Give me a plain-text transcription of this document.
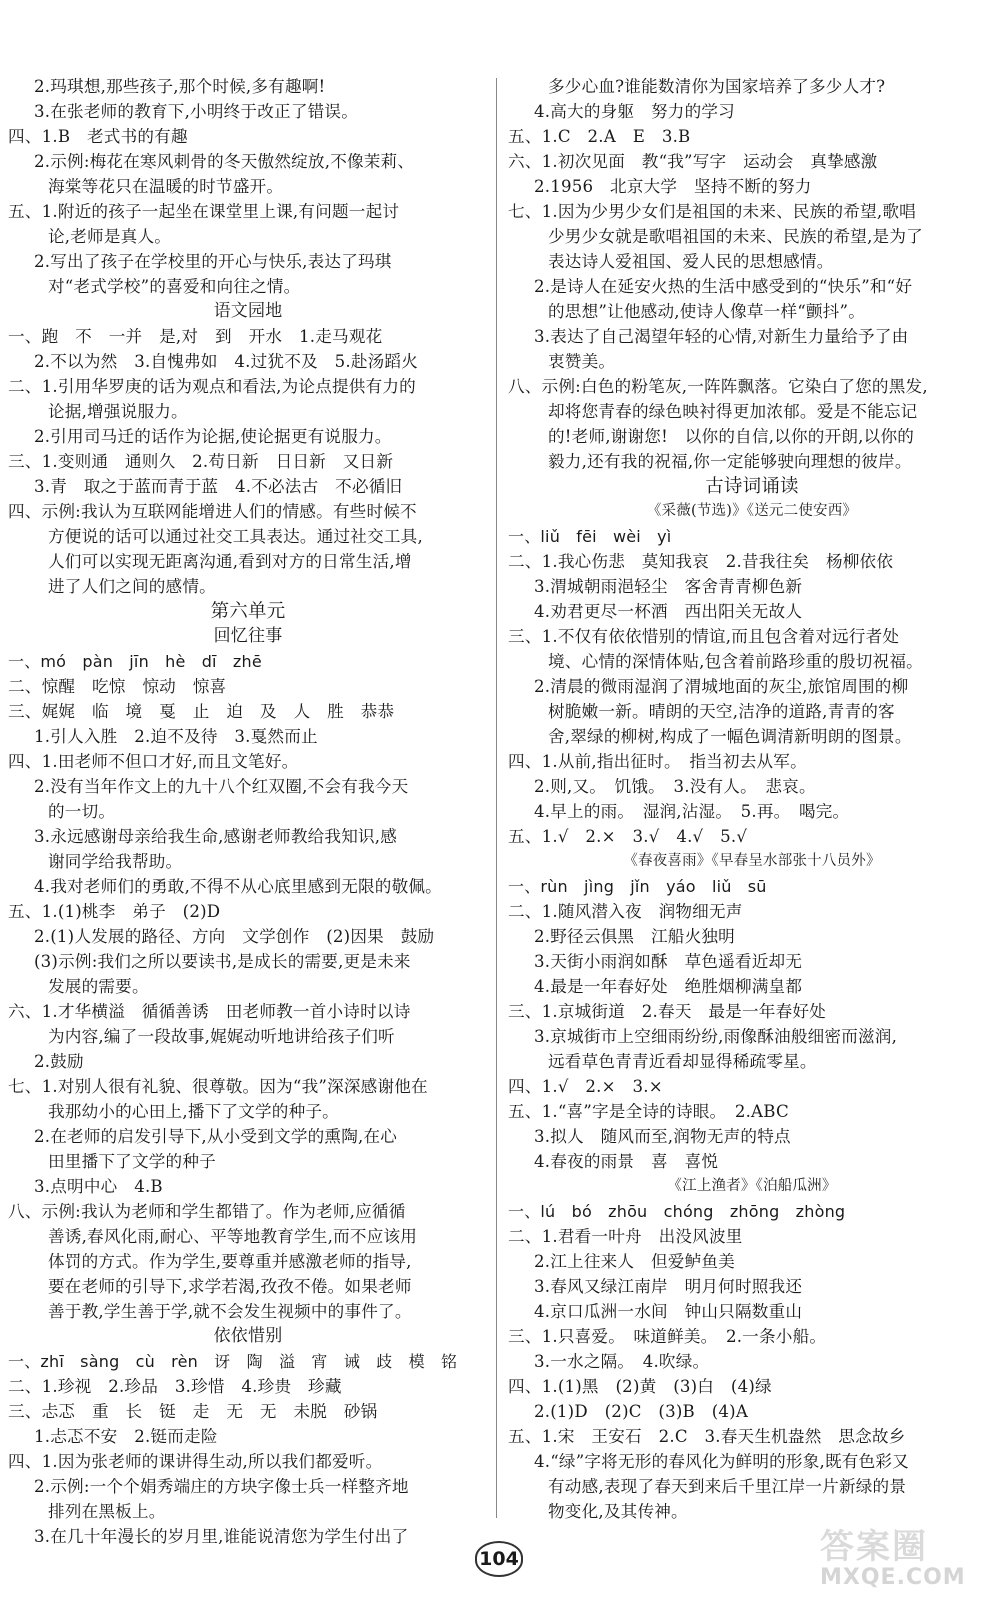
2.玛琪想,那些孩子,那个时候,多有趣啊!
3.在张老师的教育下,小明终于改正了错误。
四、1.B　老式书的有趣
2.示例:梅花在寒风刺骨的冬天傲然绽放,不像茉莉、
海棠等花只在温暖的时节盛开。
五、1.附近的孩子一起坐在课堂里上课,有问题一起讨
论,老师是真人。
2.写出了孩子在学校里的开心与快乐,表达了玛琪
对“老式学校”的喜爱和向往之情。
语文园地
一、跑　不　一并　是,对　到　开水　1.走马观花
2.不以为然　3.自愧弗如　4.过犹不及　5.赴汤蹈火
二、1.引用华罗庚的话为观点和看法,为论点提供有力的
论据,增强说服力。
2.引用司马迁的话作为论据,使论据更有说服力。
三、1.变则通　通则久　2.苟日新　日日新　又日新
3.青　取之于蓝而青于蓝　4.不必法古　不必循旧
四、示例:我认为互联网能增进人们的情感。有些时候不
方便说的话可以通过社交工具表达。通过社交工具,
人们可以实现无距离沟通,看到对方的日常生活,增
进了人们之间的感情。
第六单元
回忆往事
一、mó　pàn　jīn　hè　dī　zhē
二、惊醒　吃惊　惊动　惊喜
三、娓娓　临　境　戛　止　迫　及　人　胜　恭恭
1.引人入胜　2.迫不及待　3.戛然而止
四、1.田老师不但口才好,而且文笔好。
2.没有当年作文上的九十八个红双圈,不会有我今天
的一切。
3.永远感谢母亲给我生命,感谢老师教给我知识,感
谢同学给我帮助。
4.我对老师们的勇敢,不得不从心底里感到无限的敬佩。
五、1.(1)桃李　弟子　(2)D
2.(1)人发展的路径、方向　文学创作　(2)因果　鼓励
(3)示例:我们之所以要读书,是成长的需要,更是未来
发展的需要。
六、1.才华横溢　循循善诱　田老师教一首小诗时以诗
为内容,编了一段故事,娓娓动听地讲给孩子们听
2.鼓励
七、1.对别人很有礼貌、很尊敬。因为“我”深深感谢他在
我那幼小的心田上,播下了文学的种子。
2.在老师的启发引导下,从小受到文学的熏陶,在心
田里播下了文学的种子
3.点明中心　4.B
八、示例:我认为老师和学生都错了。作为老师,应循循
善诱,春风化雨,耐心、平等地教育学生,而不应该用
体罚的方式。作为学生,要尊重并感激老师的指导,
要在老师的引导下,求学若渴,孜孜不倦。如果老师
善于教,学生善于学,就不会发生视频中的事件了。
依依惜别
一、zhī　sàng　cù　rèn　讶　陶　溢　宵　诫　歧　模　铭
二、1.珍视　2.珍品　3.珍惜　4.珍贵　珍藏
三、忐忑　重　长　铤　走　无　无　未脱　砂锅
1.忐忑不安　2.铤而走险
四、1.因为张老师的课讲得生动,所以我们都爱听。
2.示例:一个个娟秀端庄的方块字像士兵一样整齐地
排列在黑板上。
3.在几十年漫长的岁月里,谁能说清您为学生付出了
多少心血?谁能数清你为国家培养了多少人才?
4.高大的身躯　努力的学习
五、1.C　2.A　E　3.B
六、1.初次见面　教“我”写字　运动会　真挚感激
2.1956　北京大学　坚持不断的努力
七、1.因为少男少女们是祖国的未来、民族的希望,歌唱
少男少女就是歌唱祖国的未来、民族的希望,是为了
表达诗人爱祖国、爱人民的思想感情。
2.是诗人在延安火热的生活中感受到的“快乐”和“好
的思想”让他感动,使诗人像草一样“颤抖”。
3.表达了自己渴望年轻的心情,对新生力量给予了由
衷赞美。
八、示例:白色的粉笔灰,一阵阵飘落。它染白了您的黑发,
却将您青春的绿色映衬得更加浓郁。爱是不能忘记
的!老师,谢谢您!　以你的自信,以你的开朗,以你的
毅力,还有我的祝福,你一定能够驶向理想的彼岸。
古诗词诵读
《采薇(节选)》《送元二使安西》
一、liǔ　fēi　wèi　yì
二、1.我心伤悲　莫知我哀　2.昔我往矣　杨柳依依
3.渭城朝雨浥轻尘　客舍青青柳色新
4.劝君更尽一杯酒　西出阳关无故人
三、1.不仅有依依惜别的情谊,而且包含着对远行者处
境、心情的深情体贴,包含着前路珍重的殷切祝福。
2.清晨的微雨湿润了渭城地面的灰尘,旅馆周围的柳
树脆嫩一新。晴朗的天空,洁净的道路,青青的客
舍,翠绿的柳树,构成了一幅色调清新明朗的图景。
四、1.从前,指出征时。　指当初去从军。
2.则,又。　饥饿。　3.没有人。　悲哀。
4.早上的雨。　湿润,沾湿。　5.再。　喝完。
五、1.√　2.×　3.√　4.√　5.√
《春夜喜雨》《早春呈水部张十八员外》
一、rùn　jìng　jǐn　yáo　liǔ　sū
二、1.随风潜入夜　润物细无声
2.野径云俱黑　江船火独明
3.天街小雨润如酥　草色遥看近却无
4.最是一年春好处　绝胜烟柳满皇都
三、1.京城街道　2.春天　最是一年春好处
3.京城街市上空细雨纷纷,雨像酥油般细密而滋润,
远看草色青青近看却显得稀疏零星。
四、1.√　2.×　3.×
五、1.“喜”字是全诗的诗眼。　2.ABC
3.拟人　随风而至,润物无声的特点
4.春夜的雨景　喜　喜悦
《江上渔者》《泊船瓜洲》
一、lú　bó　zhōu　chóng　zhōng　zhòng
二、1.君看一叶舟　出没风波里
2.江上往来人　但爱鲈鱼美
3.春风又绿江南岸　明月何时照我还
4.京口瓜洲一水间　钟山只隔数重山
三、1.只喜爱。　味道鲜美。　2.一条小船。
3.一水之隔。　4.吹绿。
四、1.(1)黑　(2)黄　(3)白　(4)绿
2.(1)D　(2)C　(3)B　(4)A
五、1.宋　王安石　2.C　3.春天生机盎然　思念故乡
4.“绿”字将无形的春风化为鲜明的形象,既有色彩又
有动感,表现了春天到来后千里江岸一片新绿的景
物变化,及其传神。
104	答案圈
MXQE.COM
